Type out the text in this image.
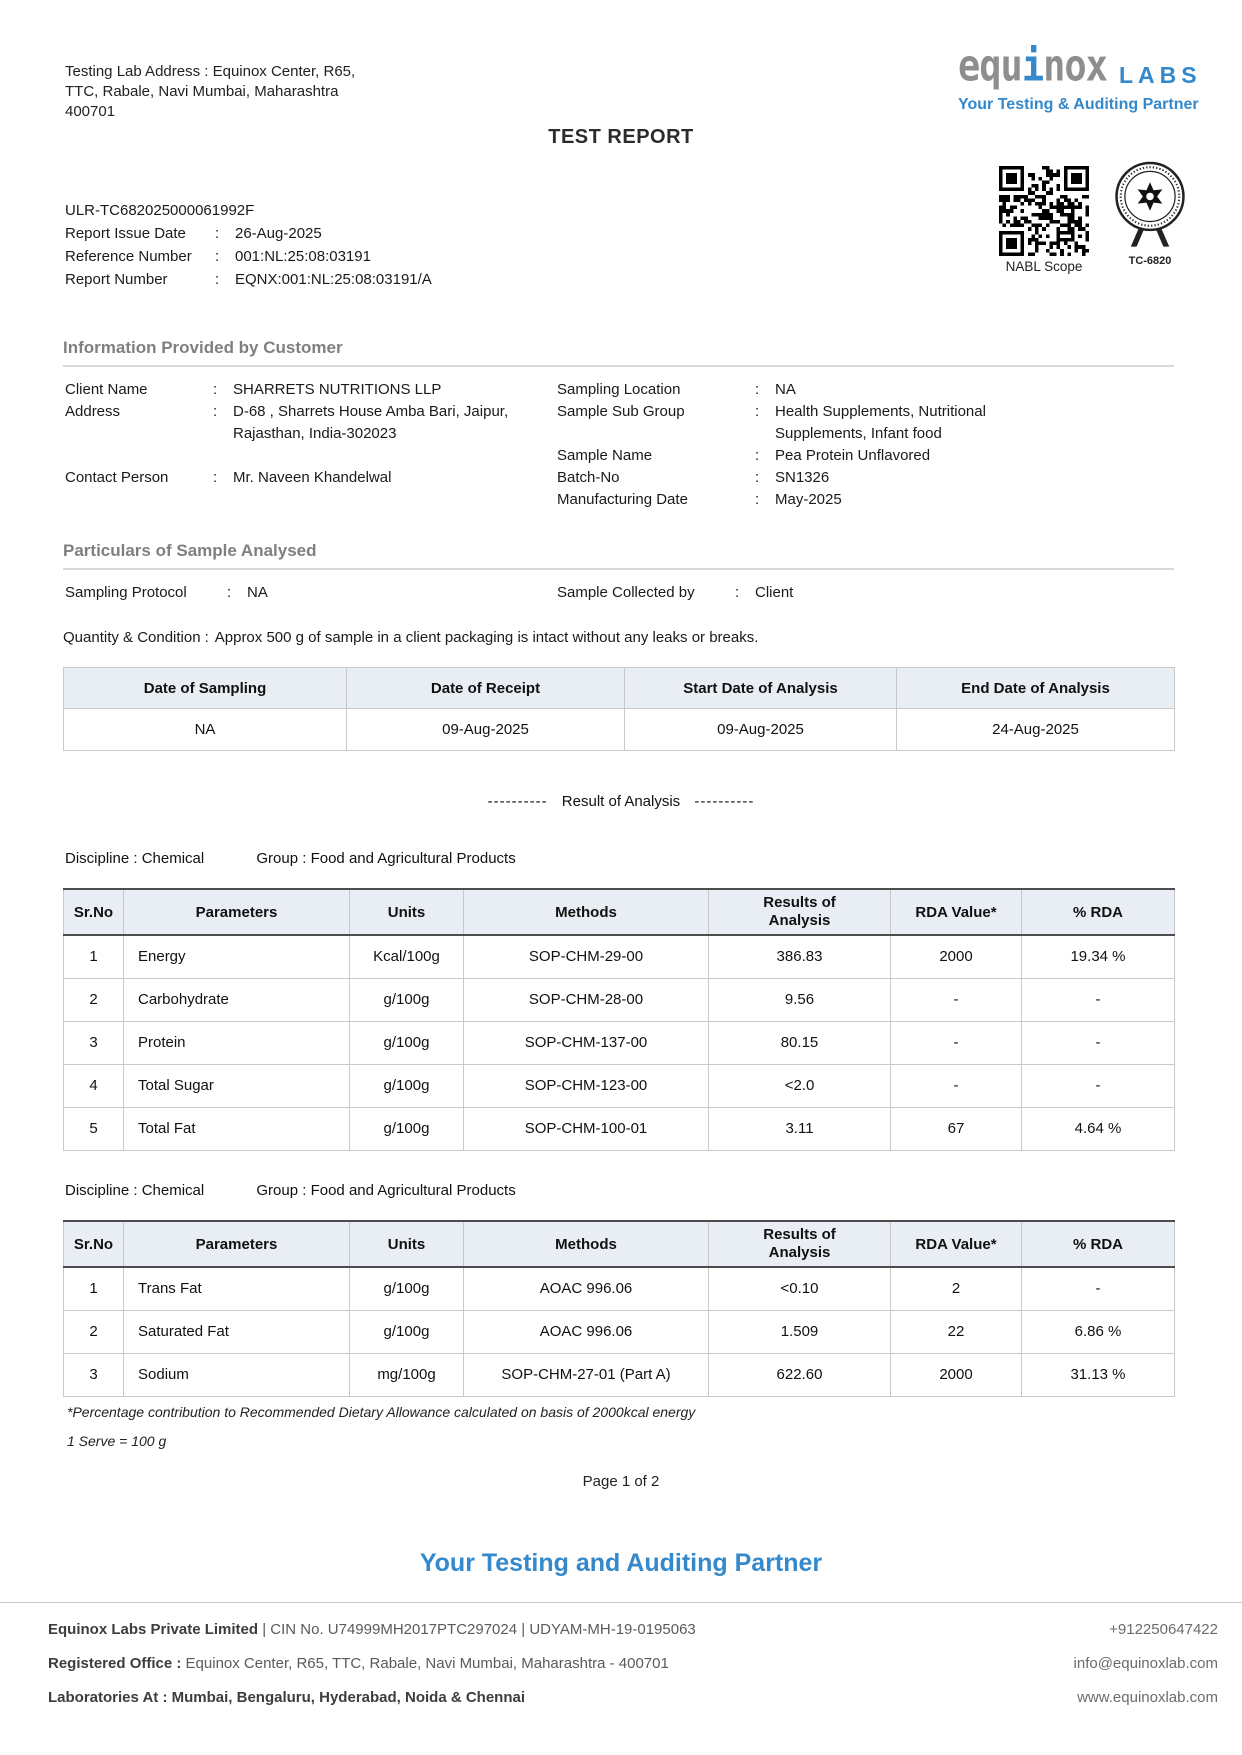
Testing Lab Address : Equinox Center, R65,
TTC, Rabale, Navi Mumbai, Maharashtra
400701
TEST REPORT
equinox LABS
Your Testing & Auditing Partner
NABL Scope	TC-6820
ULR-TC682025000061992F
Report Issue Date	:	26-Aug-2025
Reference Number	:	001:NL:25:08:03191
Report Number	:	EQNX:001:NL:25:08:03191/A
Information Provided by Customer
Client Name	:	SHARRETS NUTRITIONS LLP
Address	:	D-68 , Sharrets House Amba Bari, Jaipur, Rajasthan, India-302023
Contact Person	:	Mr. Naveen Khandelwal
Sampling Location	:	NA
Sample Sub Group	:	Health Supplements, Nutritional Supplements, Infant food
Sample Name	:	Pea Protein Unflavored
Batch-No	:	SN1326
Manufacturing Date	:	May-2025
Particulars of Sample Analysed
Sampling Protocol	:	NA	Sample Collected by	:	Client
Quantity & Condition : Approx 500 g of sample in a client packaging is intact without any leaks or breaks.
Date of Sampling	Date of Receipt	Start Date of Analysis	End Date of Analysis
NA	09-Aug-2025	09-Aug-2025	24-Aug-2025
---------- Result of Analysis ----------
Discipline : Chemical	Group : Food and Agricultural Products
Sr.No	Parameters	Units	Methods	Results of Analysis	RDA Value*	% RDA
1	Energy	Kcal/100g	SOP-CHM-29-00	386.83	2000	19.34 %
2	Carbohydrate	g/100g	SOP-CHM-28-00	9.56	-	-
3	Protein	g/100g	SOP-CHM-137-00	80.15	-	-
4	Total Sugar	g/100g	SOP-CHM-123-00	<2.0	-	-
5	Total Fat	g/100g	SOP-CHM-100-01	3.11	67	4.64 %
Discipline : Chemical	Group : Food and Agricultural Products
Sr.No	Parameters	Units	Methods	Results of Analysis	RDA Value*	% RDA
1	Trans Fat	g/100g	AOAC 996.06	<0.10	2	-
2	Saturated Fat	g/100g	AOAC 996.06	1.509	22	6.86 %
3	Sodium	mg/100g	SOP-CHM-27-01 (Part A)	622.60	2000	31.13 %
*Percentage contribution to Recommended Dietary Allowance calculated on basis of 2000kcal energy
1 Serve = 100 g
Page 1 of 2
Your Testing and Auditing Partner
Equinox Labs Private Limited | CIN No. U74999MH2017PTC297024 | UDYAM-MH-19-0195063	+912250647422
Registered Office : Equinox Center, R65, TTC, Rabale, Navi Mumbai, Maharashtra - 400701	info@equinoxlab.com
Laboratories At : Mumbai, Bengaluru, Hyderabad, Noida & Chennai	www.equinoxlab.com
